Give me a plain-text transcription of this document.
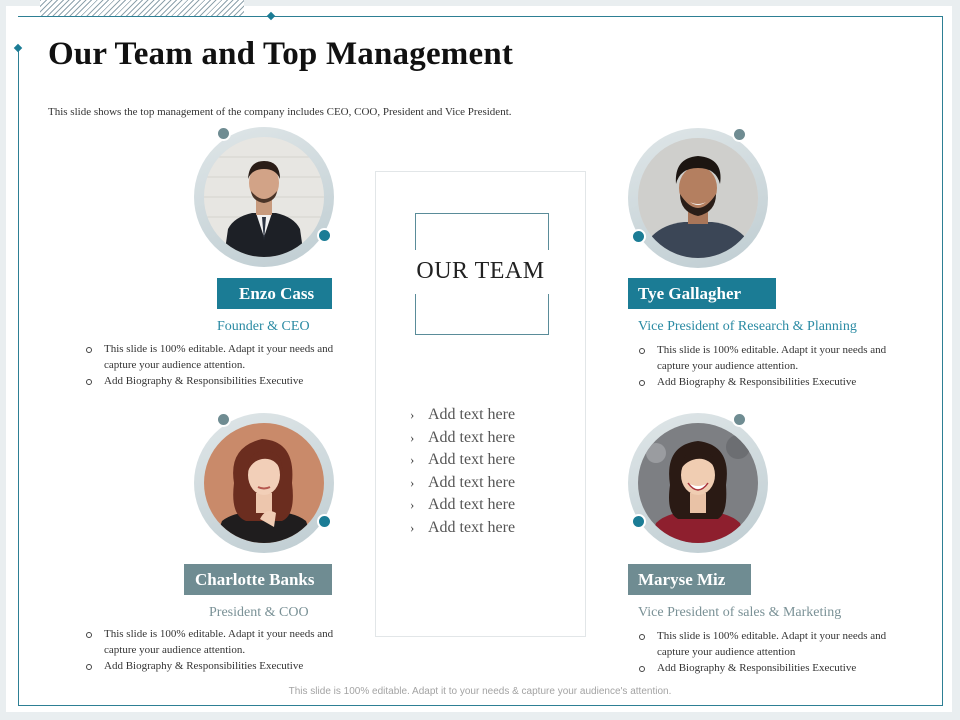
Our Team and Top Management
This slide shows the top management of the company includes CEO, COO, President and Vice President.
Enzo Cass
Founder & CEO
This slide is 100% editable. Adapt it your needs and capture your audience attention.
Add Biography & Responsibilities Executive
Tye Gallagher
Vice President of Research & Planning
This slide is 100% editable. Adapt it your needs and capture your audience attention.
Add Biography & Responsibilities Executive
Charlotte Banks
President & COO
This slide is 100% editable. Adapt it your needs and capture your audience attention.
Add Biography & Responsibilities Executive
Maryse Miz
Vice President of sales & Marketing
This slide is 100% editable. Adapt it your needs and capture your audience attention
Add Biography & Responsibilities Executive
OUR TEAM
› Add text here
› Add text here
› Add text here
› Add text here
› Add text here
› Add text here
This slide is 100% editable. Adapt it to your needs & capture your audience's attention.
